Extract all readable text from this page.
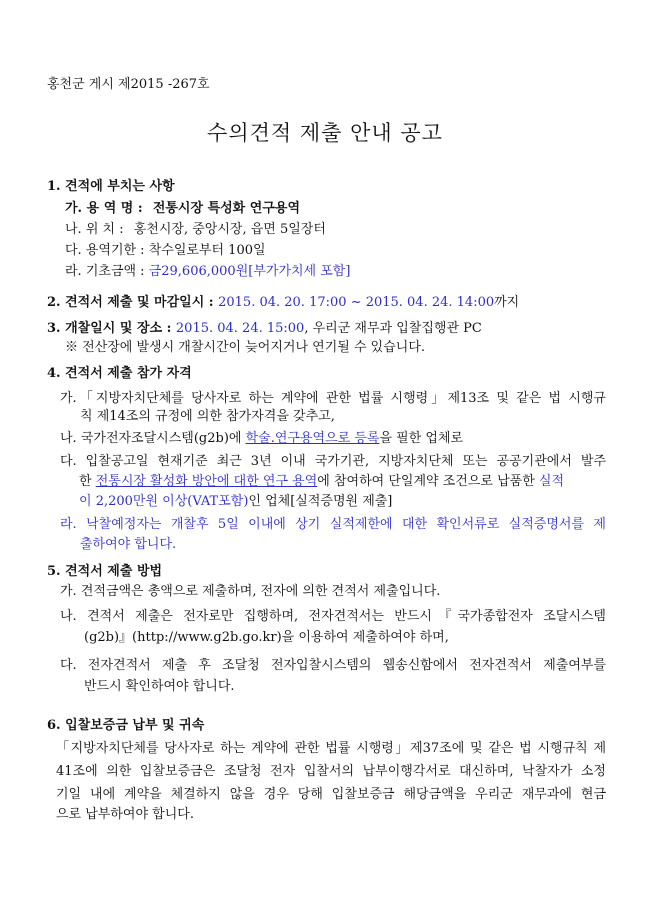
홍천군 게시 제2015 -267호
수의견적 제출 안내 공고
1. 견적에 부치는 사항
가. 용 역 명 : 전통시장 특성화 연구용역
나. 위 치 : 홍천시장, 중앙시장, 읍면 5일장터
다. 용역기한 : 착수일로부터 100일
라. 기초금액 : 금29,606,000원[부가가치세 포함]
2. 견적서 제출 및 마감일시 : 2015. 04. 20. 17:00 ~ 2015. 04. 24. 14:00까지
3. 개찰일시 및 장소 : 2015. 04. 24. 15:00, 우리군 재무과 입찰집행관 PC
※ 전산장에 발생시 개찰시간이 늦어지거나 연기될 수 있습니다.
4. 견적서 제출 참가 자격
가.「지방자치단체를 당사자로 하는 계약에 관한 법률 시행령」제13조 및 같은 법 시행규
칙 제14조의 규정에 의한 참가자격을 갖추고,
나. 국가전자조달시스템(g2b)에 학술.연구용역으로 등록을 필한 업체로
다. 입찰공고일 현재기준 최근 3년 이내 국가기관, 지방자치단체 또는 공공기관에서 발주
한 전통시장 활성화 방안에 대한 연구 용역에 참여하여 단일계약 조건으로 납품한 실적
이 2,200만원 이상(VAT포함)인 업체[실적증명원 제출]
라. 낙찰예정자는 개찰후 5일 이내에 상기 실적제한에 대한 확인서류로 실적증명서를 제
출하여야 합니다.
5. 견적서 제출 방법
가. 견적금액은 총액으로 제출하며, 전자에 의한 견적서 제출입니다.
나. 견적서 제출은 전자로만 집행하며, 전자견적서는 반드시『국가종합전자 조달시스템
(g2b)』(http://www.g2b.go.kr)을 이용하여 제출하여야 하며,
다. 전자견적서 제출 후 조달청 전자입찰시스템의 웹송신함에서 전자견적서 제출여부를
반드시 확인하여야 합니다.
6. 입찰보증금 납부 및 귀속
「지방자치단체를 당사자로 하는 계약에 관한 법률 시행령」제37조에 및 같은 법 시행규칙 제
41조에 의한 입찰보증금은 조달청 전자 입찰서의 납부이행각서로 대신하며, 낙찰자가 소정
기일 내에 계약을 체결하지 않을 경우 당해 입찰보증금 해당금액을 우리군 재무과에 현금
으로 납부하여야 합니다.
